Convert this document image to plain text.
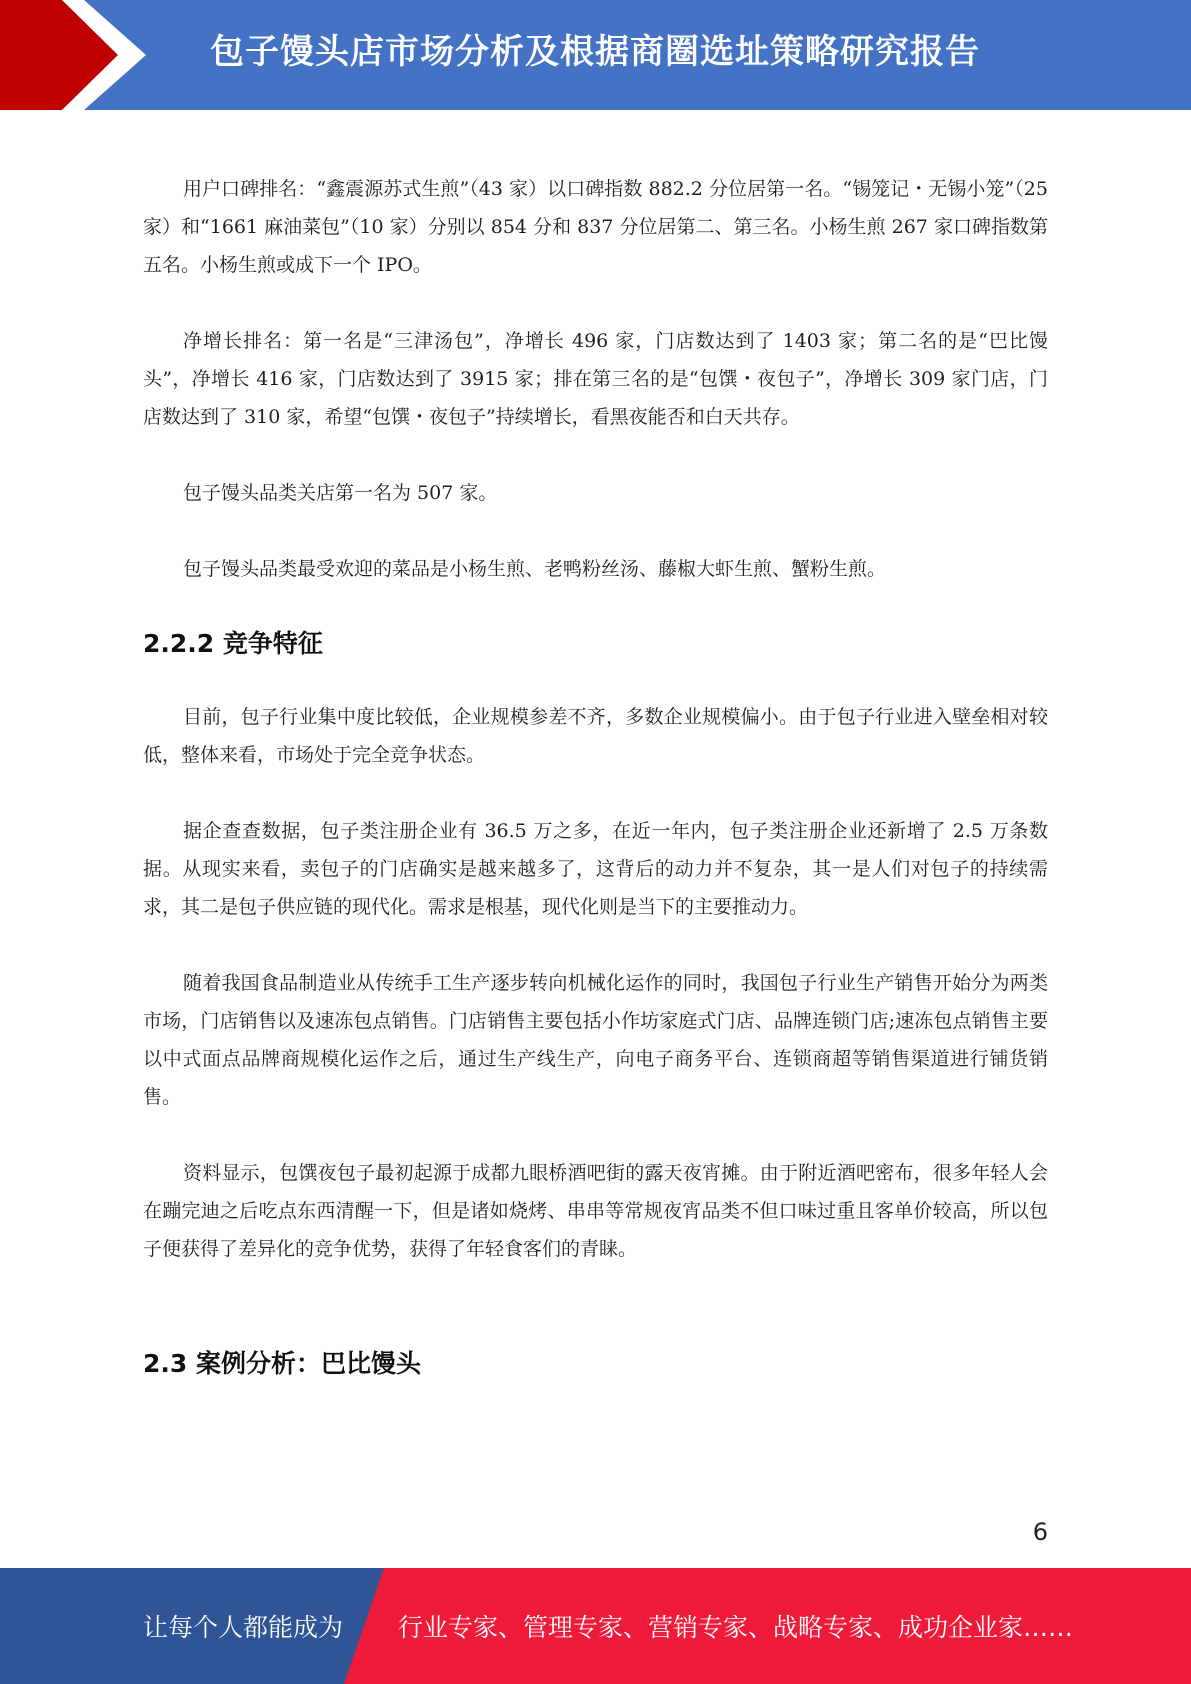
包子馒头店市场分析及根据商圈选址策略研究报告

用户口碑排名：“鑫震源苏式生煎”（43 家）以口碑指数 882.2 分位居第一名。“锡笼记・无锡小笼”（25 家）和“1661 麻油菜包”（10 家）分别以 854 分和 837 分位居第二、第三名。小杨生煎 267 家口碑指数第五名。小杨生煎或成下一个 IPO。

净增长排名：第一名是“三津汤包”，净增长 496 家，门店数达到了 1403 家；第二名的是“巴比馒头”，净增长 416 家，门店数达到了 3915 家；排在第三名的是“包馔・夜包子”，净增长 309 家门店，门店数达到了 310 家，希望“包馔・夜包子”持续增长，看黑夜能否和白天共存。

包子馒头品类关店第一名为 507 家。

包子馒头品类最受欢迎的菜品是小杨生煎、老鸭粉丝汤、藤椒大虾生煎、蟹粉生煎。

2.2.2 竞争特征

目前，包子行业集中度比较低，企业规模参差不齐，多数企业规模偏小。由于包子行业进入壁垒相对较低，整体来看，市场处于完全竞争状态。

据企查查数据，包子类注册企业有 36.5 万之多，在近一年内，包子类注册企业还新增了 2.5 万条数据。从现实来看，卖包子的门店确实是越来越多了，这背后的动力并不复杂，其一是人们对包子的持续需求，其二是包子供应链的现代化。需求是根基，现代化则是当下的主要推动力。

随着我国食品制造业从传统手工生产逐步转向机械化运作的同时，我国包子行业生产销售开始分为两类市场，门店销售以及速冻包点销售。门店销售主要包括小作坊家庭式门店、品牌连锁门店;速冻包点销售主要以中式面点品牌商规模化运作之后，通过生产线生产，向电子商务平台、连锁商超等销售渠道进行铺货销售。

资料显示，包馔夜包子最初起源于成都九眼桥酒吧街的露天夜宵摊。由于附近酒吧密布，很多年轻人会在蹦完迪之后吃点东西清醒一下，但是诸如烧烤、串串等常规夜宵品类不但口味过重且客单价较高，所以包子便获得了差异化的竞争优势，获得了年轻食客们的青睐。

2.3 案例分析：巴比馒头
6
让每个人都能成为 行业专家、管理专家、营销专家、战略专家、成功企业家……
